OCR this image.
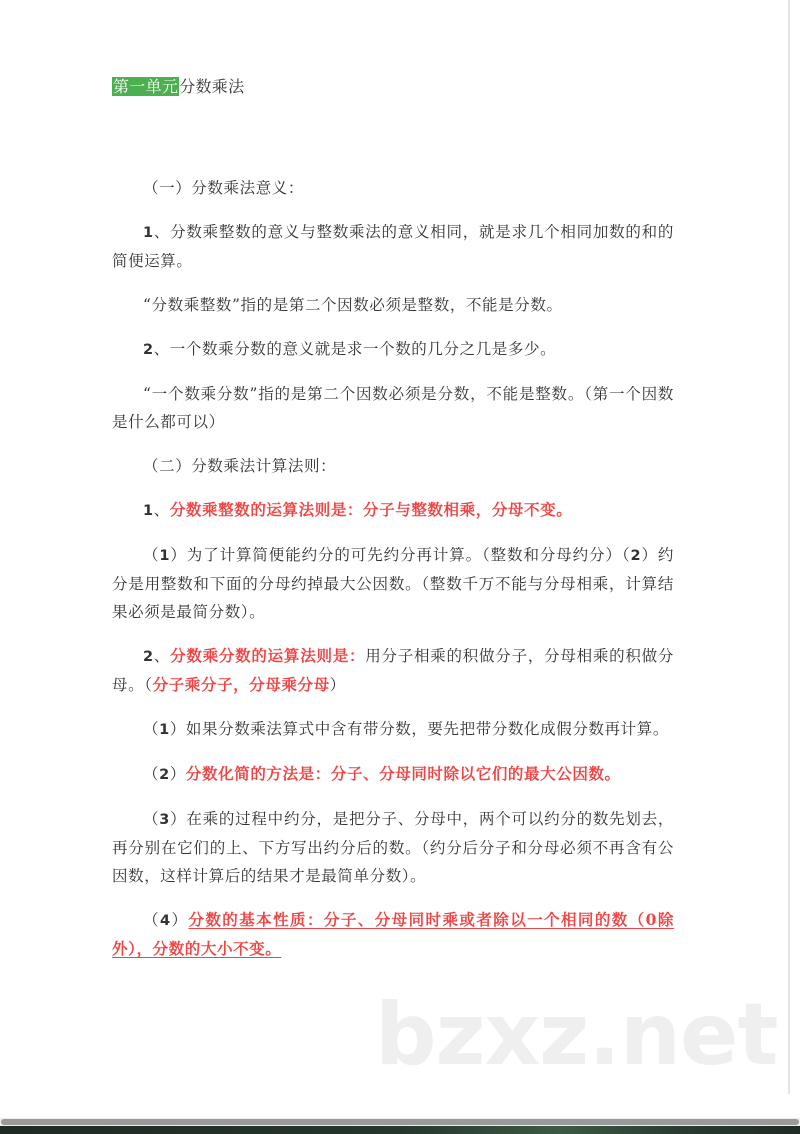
第一单元分数乘法
（一）分数乘法意义：
1、分数乘整数的意义与整数乘法的意义相同，就是求几个相同加数的和的简便运算。
“分数乘整数”指的是第二个因数必须是整数，不能是分数。
2、一个数乘分数的意义就是求一个数的几分之几是多少。
“一个数乘分数”指的是第二个因数必须是分数，不能是整数。（第一个因数是什么都可以）
（二）分数乘法计算法则：
1、分数乘整数的运算法则是：分子与整数相乘，分母不变。
（1）为了计算简便能约分的可先约分再计算。（整数和分母约分）（2）约分是用整数和下面的分母约掉最大公因数。（整数千万不能与分母相乘，计算结果必须是最简分数）。
2、分数乘分数的运算法则是：用分子相乘的积做分子，分母相乘的积做分母。（分子乘分子，分母乘分母）
（1）如果分数乘法算式中含有带分数，要先把带分数化成假分数再计算。
（2）分数化简的方法是：分子、分母同时除以它们的最大公因数。
（3）在乘的过程中约分，是把分子、分母中，两个可以约分的数先划去，再分别在它们的上、下方写出约分后的数。（约分后分子和分母必须不再含有公因数，这样计算后的结果才是最简单分数）。
（4）分数的基本性质：分子、分母同时乘或者除以一个相同的数（0除外），分数的大小不变。
bzxz.net
